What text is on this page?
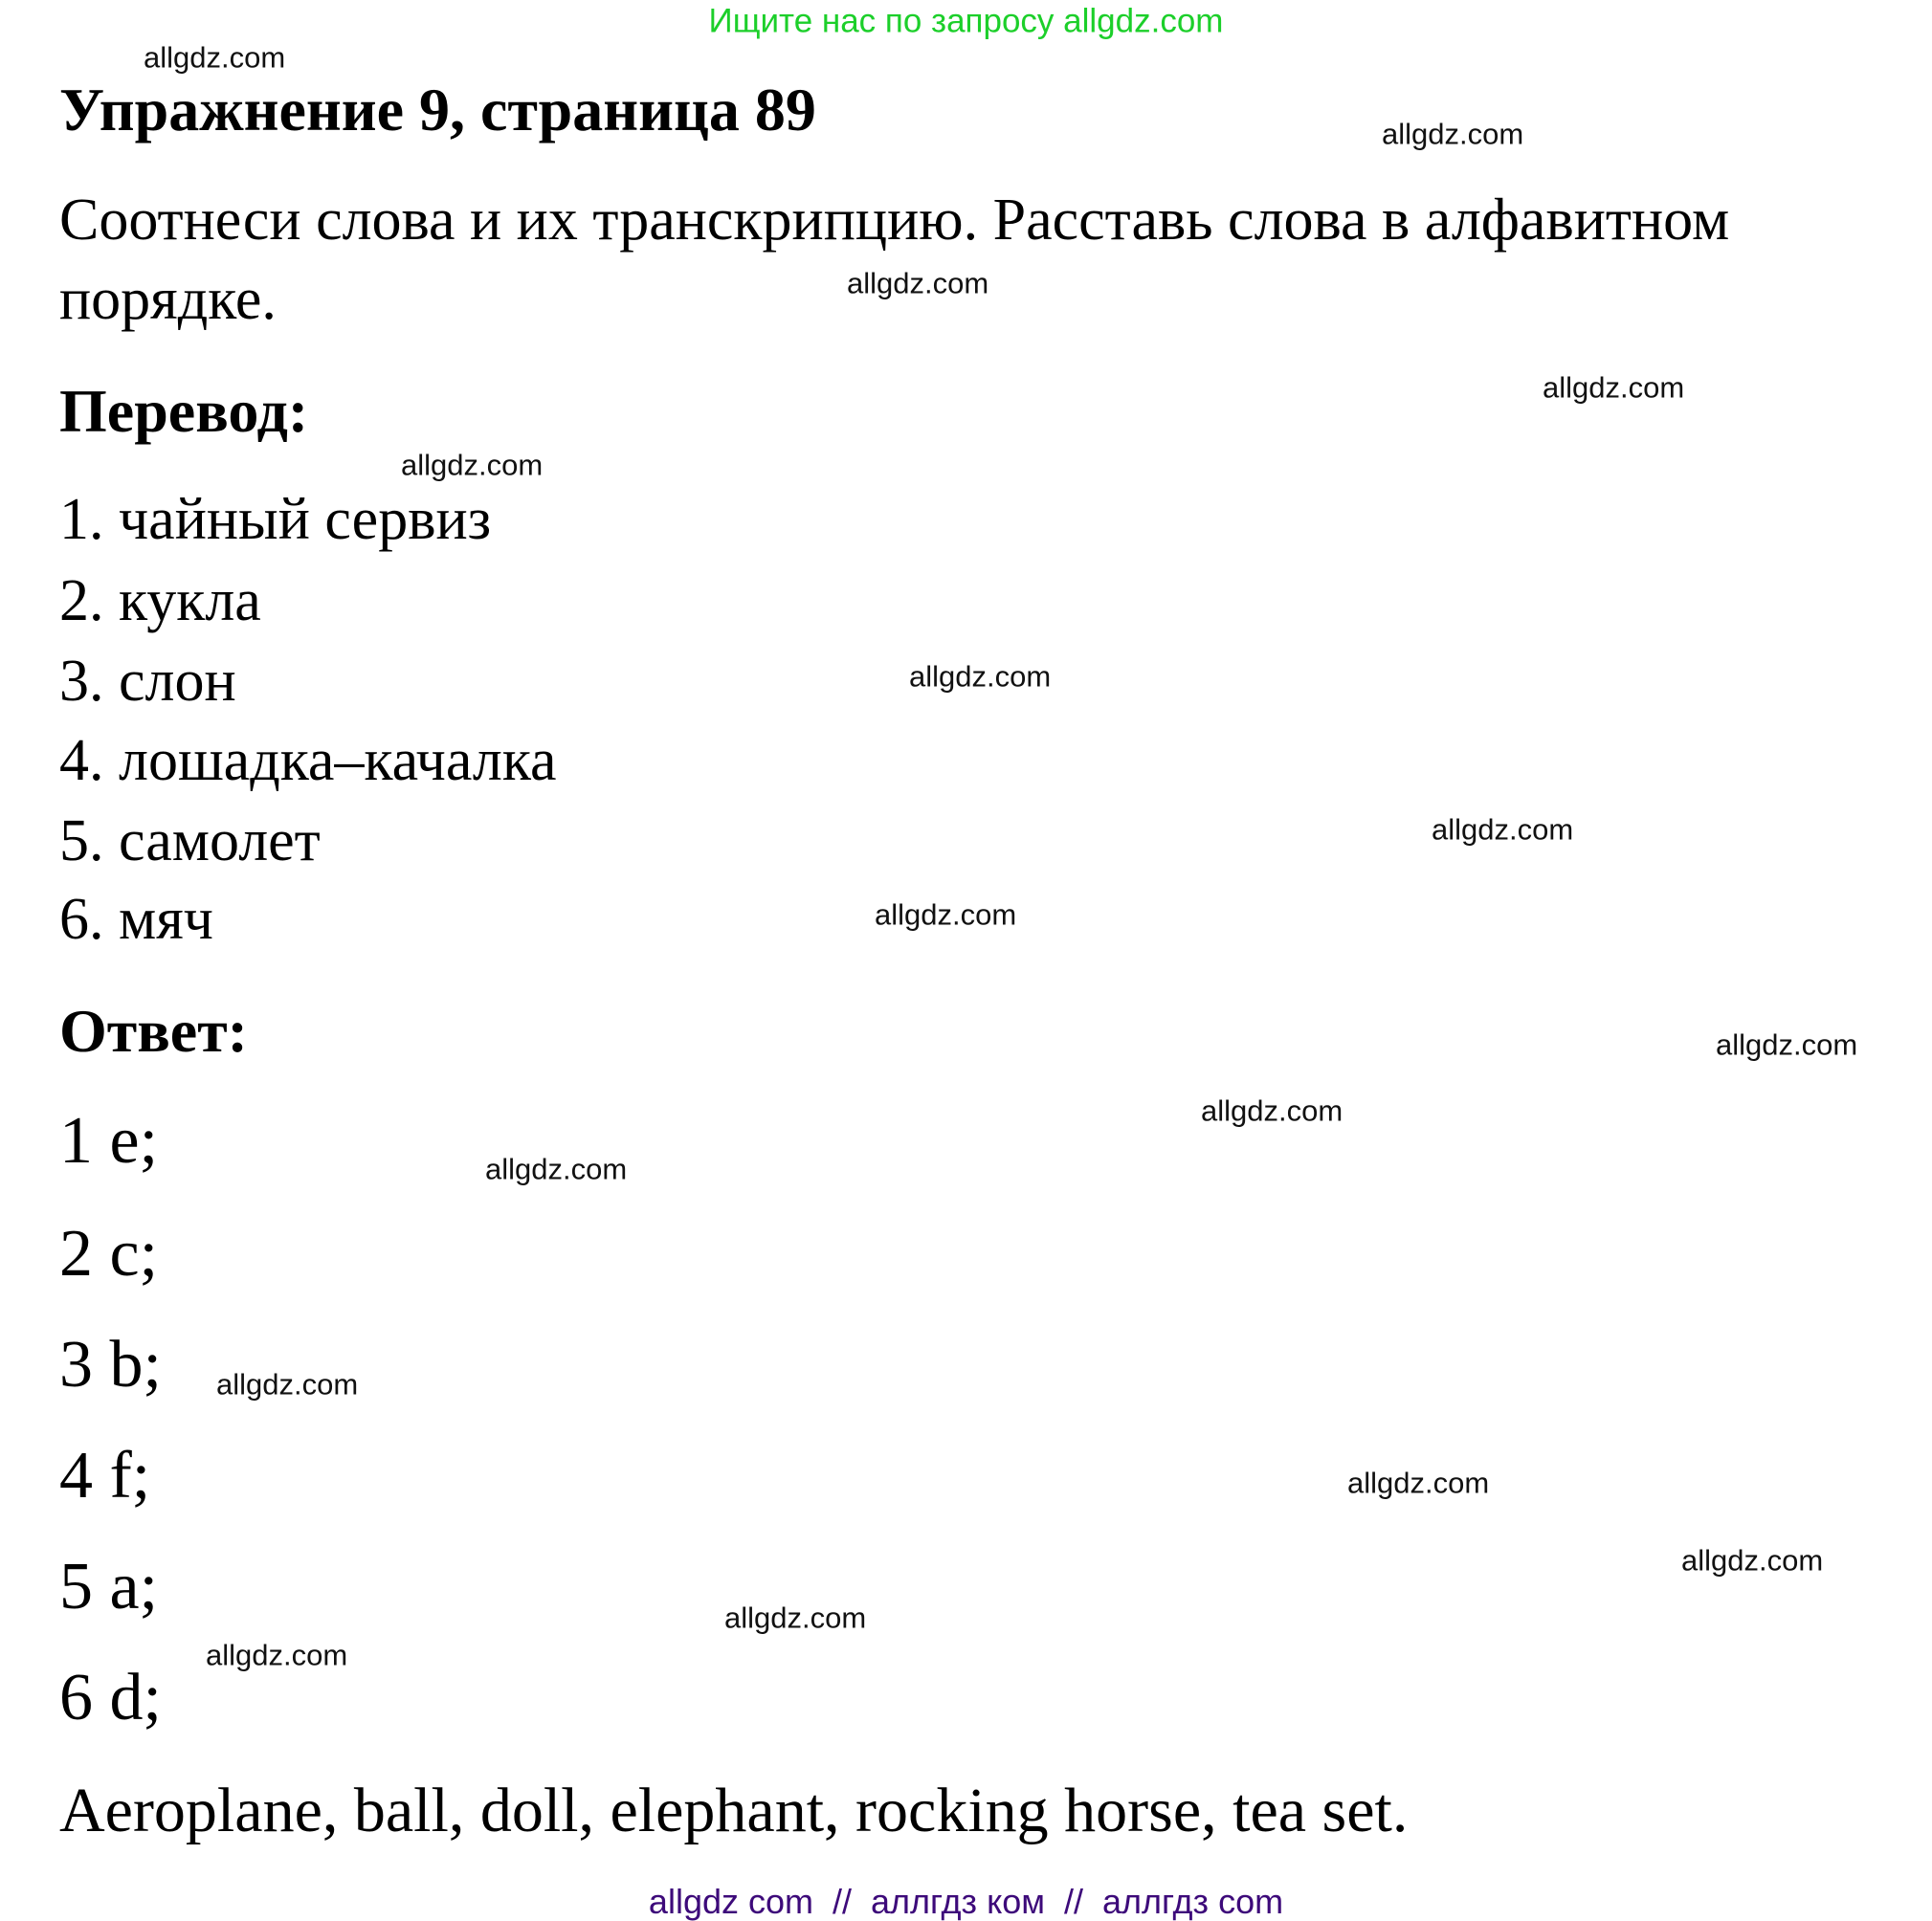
Ищите нас по запросу allgdz.com
Упражнение 9, страница 89
Соотнеси слова и их транскрипцию. Расставь слова в алфавитном
порядке.
Перевод:
1. чайный сервиз
2. кукла
3. слон
4. лошадка–качалка
5. самолет
6. мяч
Ответ:
1 e;
2 c;
3 b;
4 f;
5 a;
6 d;
Aeroplane, ball, doll, elephant, rocking horse, tea set.
allgdz.com
allgdz.com
allgdz.com
allgdz.com
allgdz.com
allgdz.com
allgdz.com
allgdz.com
allgdz.com
allgdz.com
allgdz.com
allgdz.com
allgdz.com
allgdz.com
allgdz.com
allgdz.com
allgdz com  //  аллгдз ком  //  аллгдз com
